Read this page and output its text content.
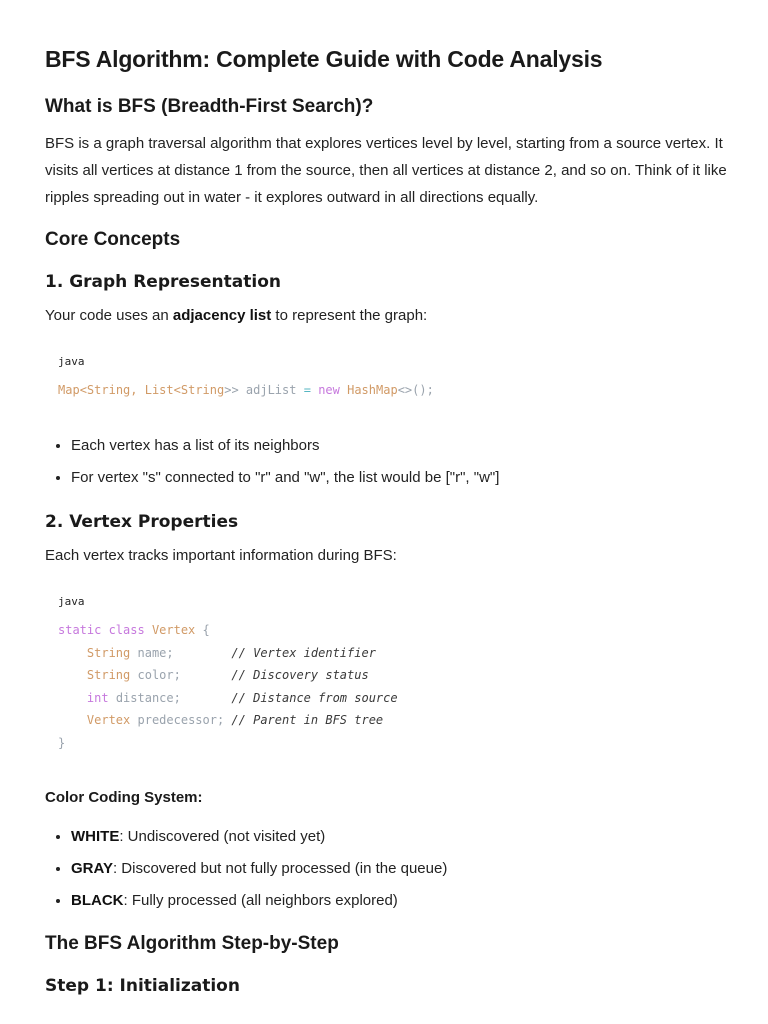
BFS Algorithm: Complete Guide with Code Analysis
What is BFS (Breadth-First Search)?

BFS is a graph traversal algorithm that explores vertices level by level, starting from a source vertex. It visits all vertices at distance 1 from the source, then all vertices at distance 2, and so on. Think of it like ripples spreading out in water - it explores outward in all directions equally.

Core Concepts
1. Graph Representation

Your code uses an adjacency list to represent the graph:

java
Map<String, List<String>> adjList = new HashMap<>();
• Each vertex has a list of its neighbors
• For vertex "s" connected to "r" and "w", the list would be ["r", "w"]
2. Vertex Properties

Each vertex tracks important information during BFS:

java
static class Vertex {
String name;	// Vertex identifier
String color;	// Discovery status
int distance;	// Distance from source
Vertex predecessor; // Parent in BFS tree
}
Color Coding System:
• WHITE: Undiscovered (not visited yet)
• GRAY: Discovered but not fully processed (in the queue)
• BLACK: Fully processed (all neighbors explored)
The BFS Algorithm Step-by-Step
Step 1: Initialization
